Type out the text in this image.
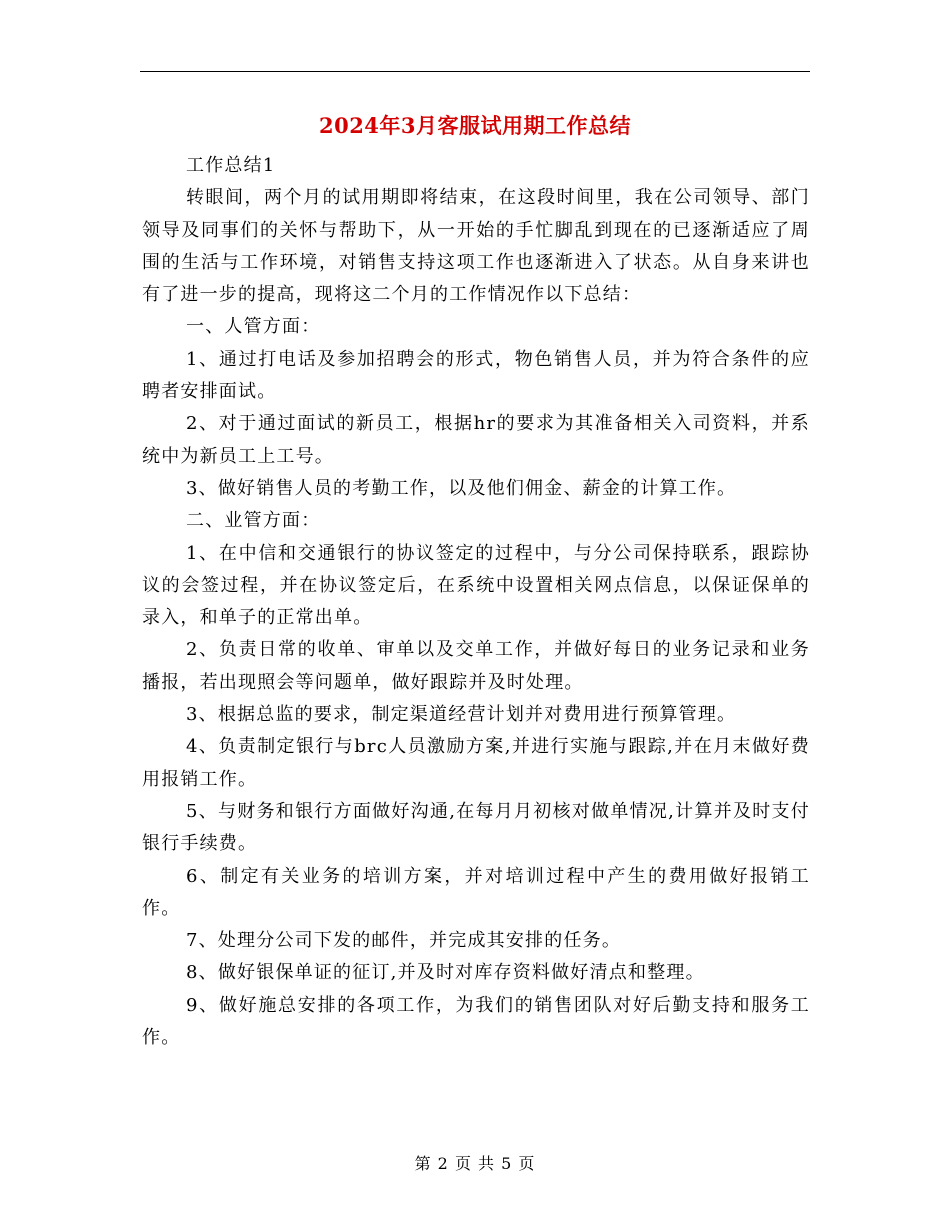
2024年3月客服试用期工作总结

工作总结1

转眼间，两个月的试用期即将结束，在这段时间里，我在公司领导、部门领导及同事们的关怀与帮助下，从一开始的手忙脚乱到现在的已逐渐适应了周围的生活与工作环境，对销售支持这项工作也逐渐进入了状态。从自身来讲也有了进一步的提高，现将这二个月的工作情况作以下总结：

一、人管方面：

1、通过打电话及参加招聘会的形式，物色销售人员，并为符合条件的应聘者安排面试。

2、对于通过面试的新员工，根据hr的要求为其准备相关入司资料，并系统中为新员工上工号。

3、做好销售人员的考勤工作，以及他们佣金、薪金的计算工作。

二、业管方面：

1、在中信和交通银行的协议签定的过程中，与分公司保持联系，跟踪协议的会签过程，并在协议签定后，在系统中设置相关网点信息，以保证保单的录入，和单子的正常出单。

2、负责日常的收单、审单以及交单工作，并做好每日的业务记录和业务播报，若出现照会等问题单，做好跟踪并及时处理。

3、根据总监的要求，制定渠道经营计划并对费用进行预算管理。

4、负责制定银行与brc人员激励方案,并进行实施与跟踪,并在月末做好费用报销工作。

5、与财务和银行方面做好沟通,在每月月初核对做单情况,计算并及时支付银行手续费。

6、制定有关业务的培训方案，并对培训过程中产生的费用做好报销工作。

7、处理分公司下发的邮件，并完成其安排的任务。

8、做好银保单证的征订,并及时对库存资料做好清点和整理。

9、做好施总安排的各项工作，为我们的销售团队对好后勤支持和服务工作。

第 2 页 共 5 页
